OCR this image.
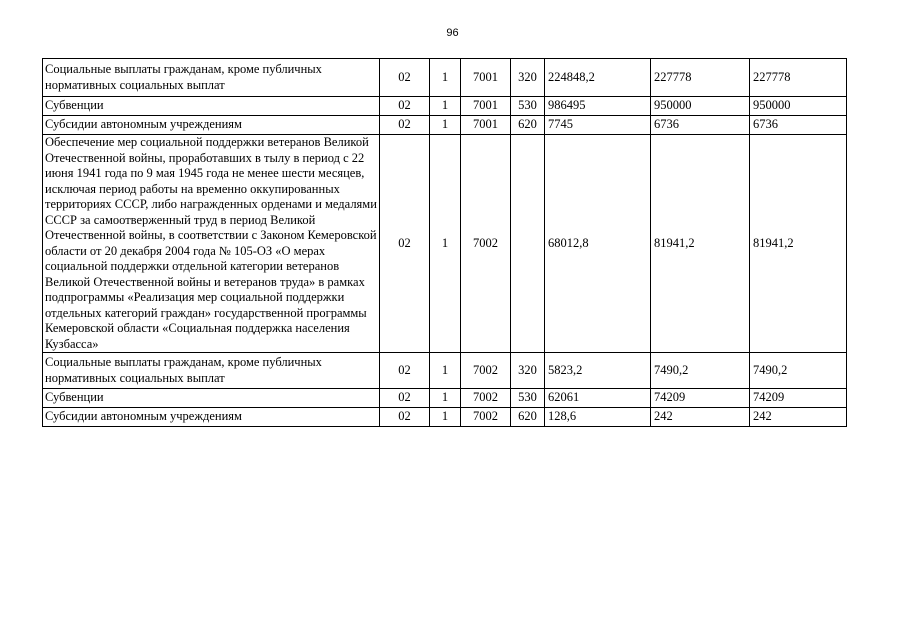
96
Социальные выплаты гражданам, кроме публичных нормативных социальных выплат	02	1	7001	320	224848,2	227778	227778
Субвенции	02	1	7001	530	986495	950000	950000
Субсидии автономным учреждениям	02	1	7001	620	7745	6736	6736
Обеспечение мер социальной поддержки ветеранов Великой Отечественной войны, проработавших в тылу в период с 22 июня 1941 года по 9 мая 1945 года не менее шести месяцев, исключая период работы на временно оккупированных территориях СССР, либо награжденных орденами и медалями СССР за самоотверженный труд в период Великой Отечественной войны, в соответствии с Законом Кемеровской области от 20 декабря 2004 года № 105-ОЗ «О мерах социальной поддержки отдельной категории ветеранов Великой Отечественной войны и ветеранов труда» в рамках подпрограммы «Реализация мер социальной поддержки отдельных категорий граждан» государственной программы Кемеровской области «Социальная поддержка населения Кузбасса»	02	1	7002		68012,8	81941,2	81941,2
Социальные выплаты гражданам, кроме публичных нормативных социальных выплат	02	1	7002	320	5823,2	7490,2	7490,2
Субвенции	02	1	7002	530	62061	74209	74209
Субсидии автономным учреждениям	02	1	7002	620	128,6	242	242
